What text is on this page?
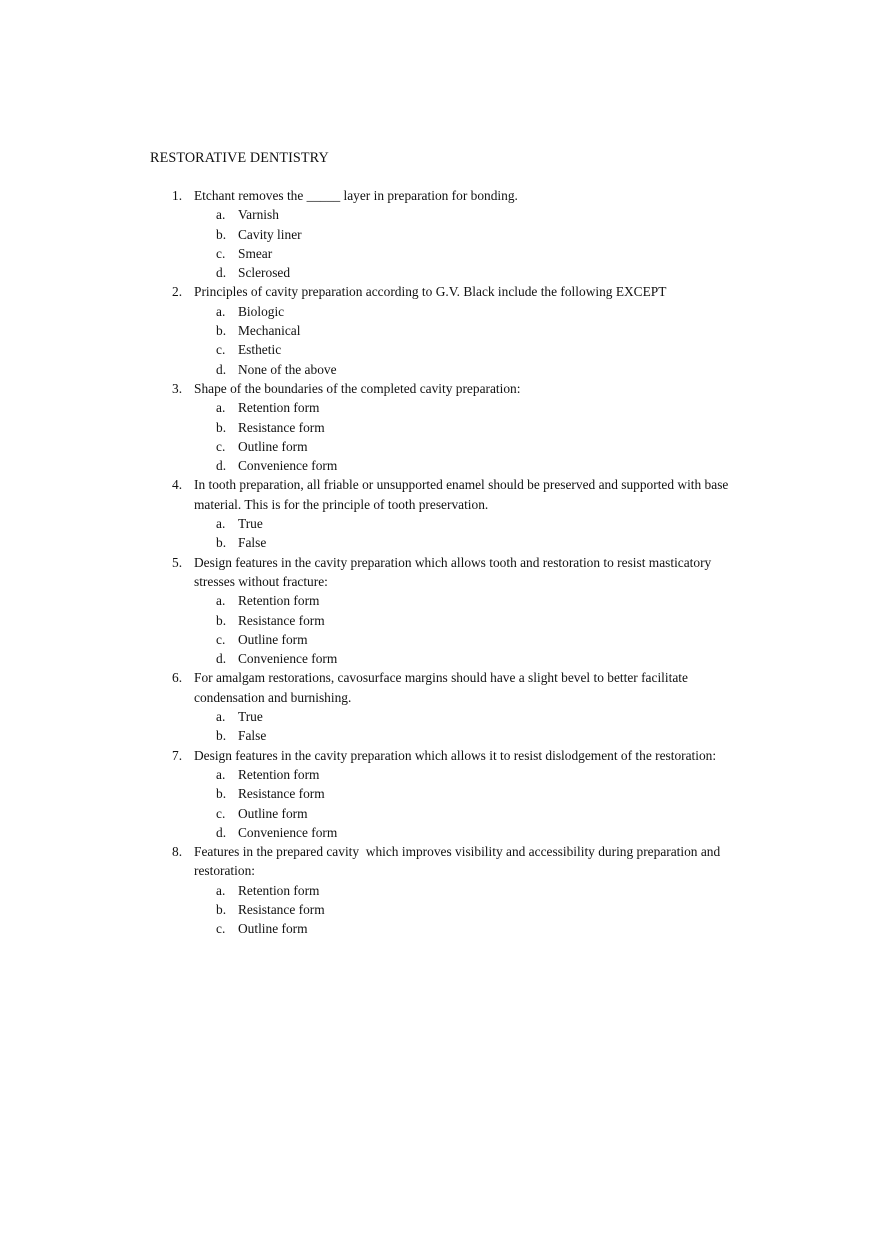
RESTORATIVE DENTISTRY
1. Etchant removes the _____ layer in preparation for bonding.
a. Varnish
b. Cavity liner
c. Smear
d. Sclerosed
2. Principles of cavity preparation according to G.V. Black include the following EXCEPT
a. Biologic
b. Mechanical
c. Esthetic
d. None of the above
3. Shape of the boundaries of the completed cavity preparation:
a. Retention form
b. Resistance form
c. Outline form
d. Convenience form
4. In tooth preparation, all friable or unsupported enamel should be preserved and supported with base material. This is for the principle of tooth preservation.
a. True
b. False
5. Design features in the cavity preparation which allows tooth and restoration to resist masticatory stresses without fracture:
a. Retention form
b. Resistance form
c. Outline form
d. Convenience form
6. For amalgam restorations, cavosurface margins should have a slight bevel to better facilitate condensation and burnishing.
a. True
b. False
7. Design features in the cavity preparation which allows it to resist dislodgement of the restoration:
a. Retention form
b. Resistance form
c. Outline form
d. Convenience form
8. Features in the prepared cavity  which improves visibility and accessibility during preparation and restoration:
a. Retention form
b. Resistance form
c. Outline form
